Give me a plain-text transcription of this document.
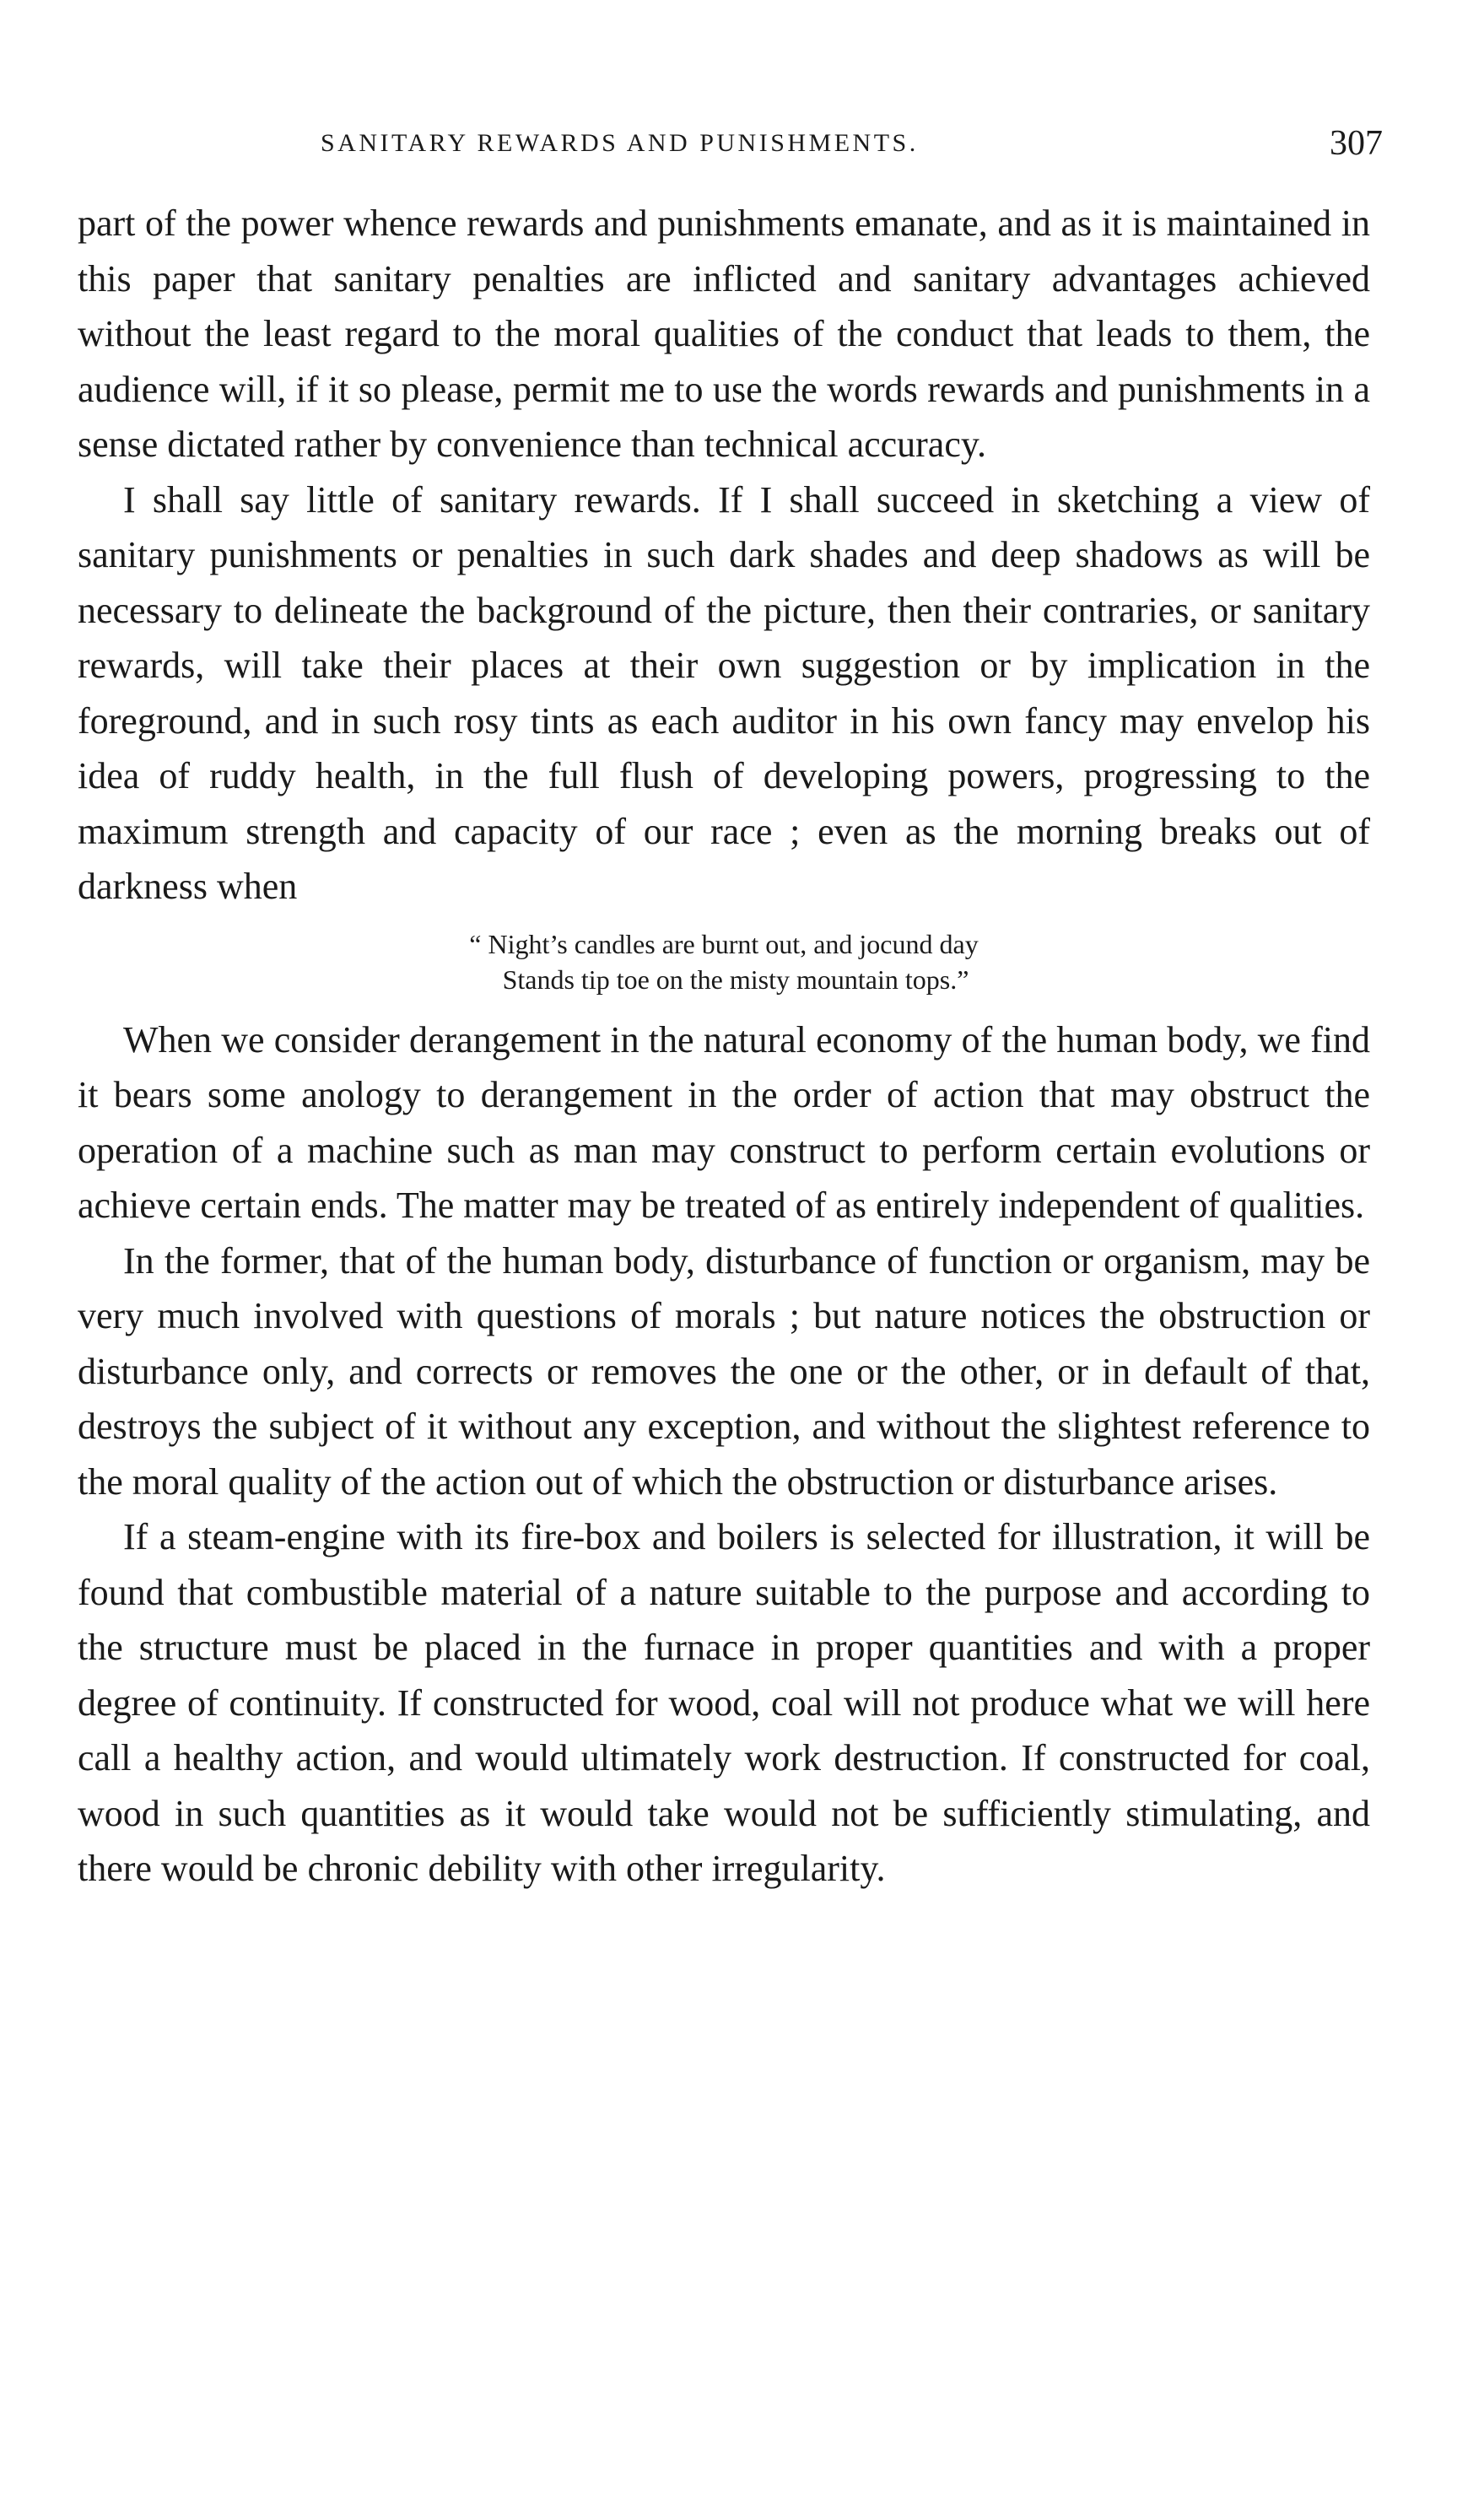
SANITARY REWARDS AND PUNISHMENTS.	307

part of the power whence rewards and punishments emanate, and as it is maintained in this paper that sanitary penalties are inflicted and sanitary advantages achieved without the least regard to the moral qualities of the conduct that leads to them, the audience will, if it so please, permit me to use the words rewards and punishments in a sense dictated rather by convenience than technical accuracy.

I shall say little of sanitary rewards. If I shall succeed in sketching a view of sanitary punishments or penalties in such dark shades and deep shadows as will be necessary to delineate the background of the picture, then their contraries, or sanitary rewards, will take their places at their own suggestion or by implication in the foreground, and in such rosy tints as each auditor in his own fancy may envelop his idea of ruddy health, in the full flush of developing powers, progressing to the maximum strength and capacity of our race ; even as the morning breaks out of darkness when

“ Night’s candles are burnt out, and jocund day
Stands tip toe on the misty mountain tops.”

When we consider derangement in the natural economy of the human body, we find it bears some anology to derangement in the order of action that may obstruct the operation of a machine such as man may construct to perform certain evolutions or achieve certain ends. The matter may be treated of as entirely independent of qualities.

In the former, that of the human body, disturbance of function or organism, may be very much involved with questions of morals ; but nature notices the obstruction or disturbance only, and corrects or removes the one or the other, or in default of that, destroys the subject of it without any exception, and without the slightest reference to the moral quality of the action out of which the obstruction or disturbance arises.

If a steam-engine with its fire-box and boilers is selected for illustration, it will be found that combustible material of a nature suitable to the purpose and according to the structure must be placed in the furnace in proper quantities and with a proper degree of continuity. If constructed for wood, coal will not produce what we will here call a healthy action, and would ultimately work destruction. If constructed for coal, wood in such quantities as it would take would not be sufficiently stimulating, and there would be chronic debility with other irregularity.
